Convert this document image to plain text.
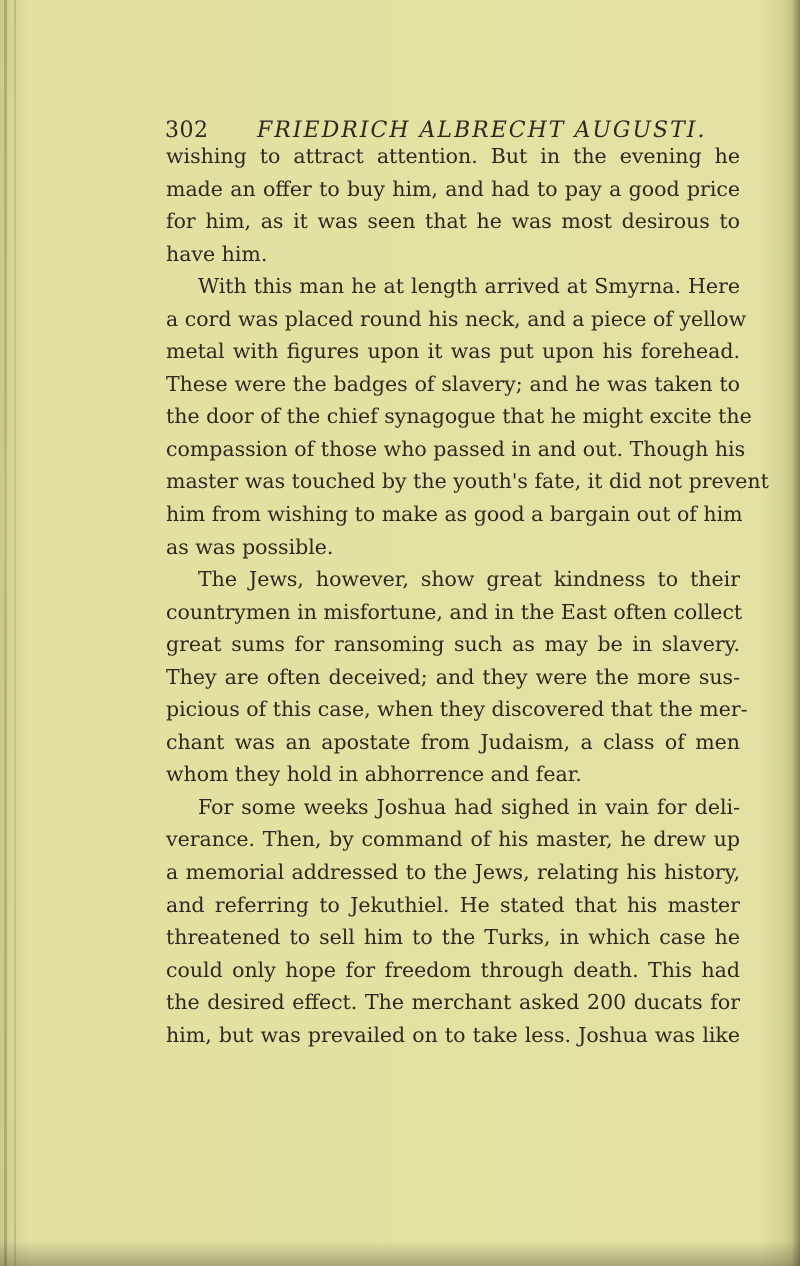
302 FRIEDRICH ALBRECHT AUGUSTI.
wishing to attract attention. But in the evening he
made an offer to buy him, and had to pay a good price
for him, as it was seen that he was most desirous to
have him.
With this man he at length arrived at Smyrna. Here
a cord was placed round his neck, and a piece of yellow
metal with figures upon it was put upon his forehead.
These were the badges of slavery; and he was taken to
the door of the chief synagogue that he might excite the
compassion of those who passed in and out. Though his
master was touched by the youth's fate, it did not prevent
him from wishing to make as good a bargain out of him
as was possible.
The Jews, however, show great kindness to their
countrymen in misfortune, and in the East often collect
great sums for ransoming such as may be in slavery.
They are often deceived; and they were the more sus-
picious of this case, when they discovered that the mer-
chant was an apostate from Judaism, a class of men
whom they hold in abhorrence and fear.
For some weeks Joshua had sighed in vain for deli-
verance. Then, by command of his master, he drew up
a memorial addressed to the Jews, relating his history,
and referring to Jekuthiel. He stated that his master
threatened to sell him to the Turks, in which case he
could only hope for freedom through death. This had
the desired effect. The merchant asked 200 ducats for
him, but was prevailed on to take less. Joshua was like
